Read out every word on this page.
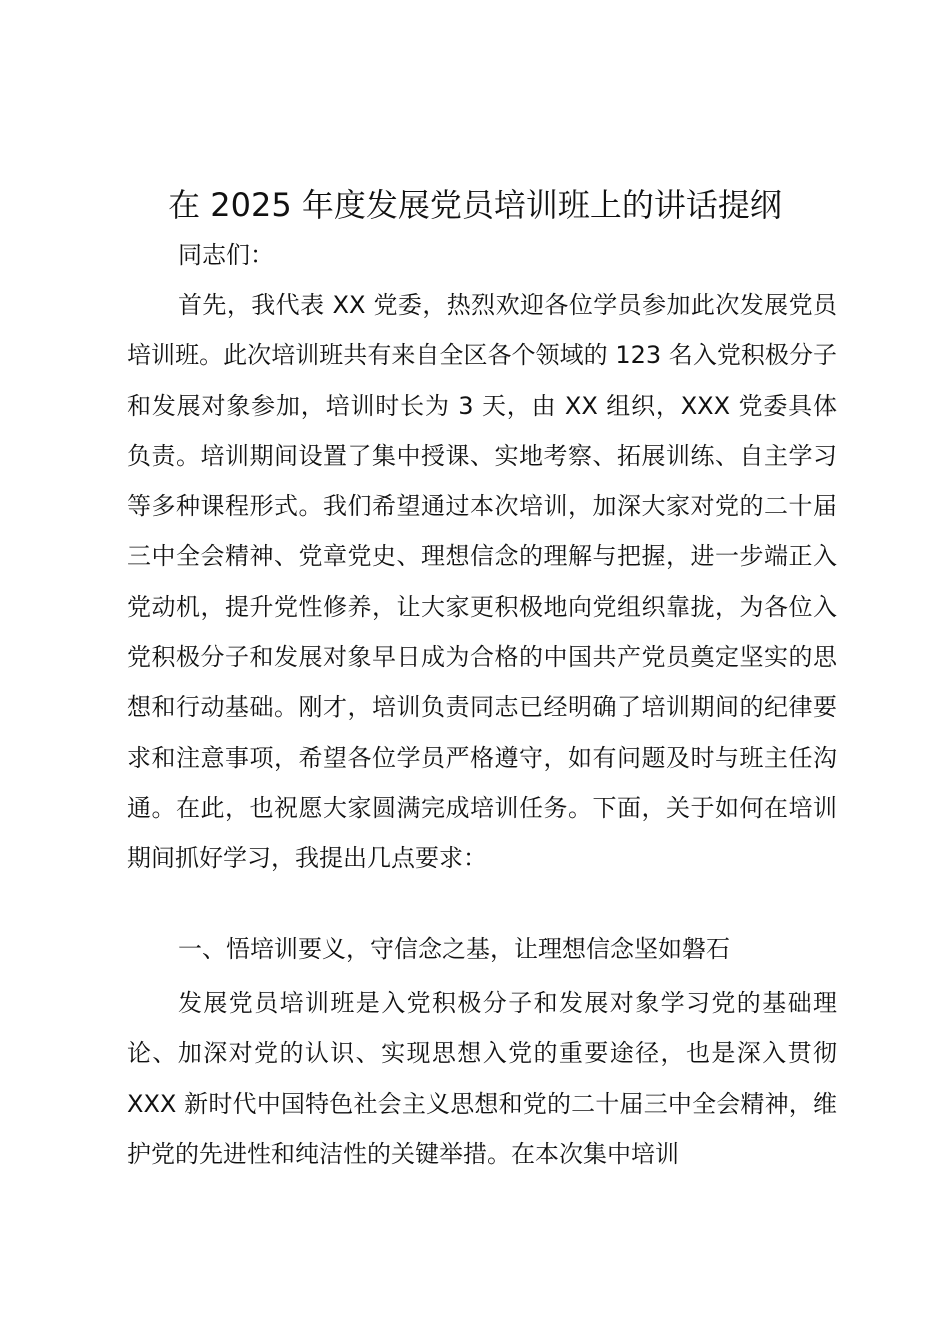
在 2025 年度发展党员培训班上的讲话提纲
同志们：

首先，我代表 XX 党委，热烈欢迎各位学员参加此次发展党员培训班。此次培训班共有来自全区各个领域的 123 名入党积极分子和发展对象参加，培训时长为 3 天，由 XX 组织，XXX 党委具体负责。培训期间设置了集中授课、实地考察、拓展训练、自主学习等多种课程形式。我们希望通过本次培训，加深大家对党的二十届三中全会精神、党章党史、理想信念的理解与把握，进一步端正入党动机，提升党性修养，让大家更积极地向党组织靠拢，为各位入党积极分子和发展对象早日成为合格的中国共产党员奠定坚实的思想和行动基础。刚才，培训负责同志已经明确了培训期间的纪律要求和注意事项，希望各位学员严格遵守，如有问题及时与班主任沟通。在此，也祝愿大家圆满完成培训任务。下面，关于如何在培训期间抓好学习，我提出几点要求：

一、悟培训要义，守信念之基，让理想信念坚如磐石

发展党员培训班是入党积极分子和发展对象学习党的基础理论、加深对党的认识、实现思想入党的重要途径，也是深入贯彻 XXX 新时代中国特色社会主义思想和党的二十届三中全会精神，维护党的先进性和纯洁性的关键举措。在本次集中培训
